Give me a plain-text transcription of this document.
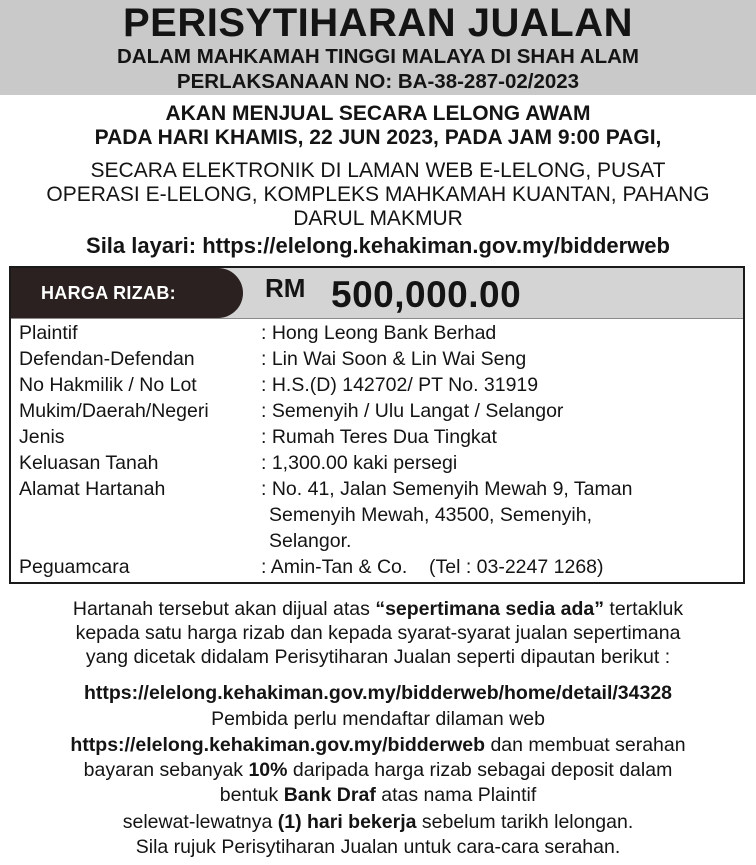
PERISYTIHARAN JUALAN
DALAM MAHKAMAH TINGGI MALAYA DI SHAH ALAM
PERLAKSANAAN NO: BA-38-287-02/2023
AKAN MENJUAL SECARA LELONG AWAM
PADA HARI KHAMIS, 22 JUN 2023, PADA JAM 9:00 PAGI,
SECARA ELEKTRONIK DI LAMAN WEB E-LELONG, PUSAT
OPERASI E-LELONG, KOMPLEKS MAHKAMAH KUANTAN, PAHANG
DARUL MAKMUR
Sila layari: https://elelong.kehakiman.gov.my/bidderweb
HARGA RIZAB:	RM 500,000.00
Plaintif	: Hong Leong Bank Berhad
Defendan-Defendan	: Lin Wai Soon & Lin Wai Seng
No Hakmilik / No Lot	: H.S.(D) 142702/ PT No. 31919
Mukim/Daerah/Negeri	: Semenyih / Ulu Langat / Selangor
Jenis	: Rumah Teres Dua Tingkat
Keluasan Tanah	: 1,300.00 kaki persegi
Alamat Hartanah	: No. 41, Jalan Semenyih Mewah 9, Taman
Semenyih Mewah, 43500, Semenyih,
Selangor.
Peguamcara	: Amin-Tan & Co.    (Tel : 03-2247 1268)
Hartanah tersebut akan dijual atas “sepertimana sedia ada” tertakluk
kepada satu harga rizab dan kepada syarat-syarat jualan sepertimana
yang dicetak didalam Perisytiharan Jualan seperti dipautan berikut :
https://elelong.kehakiman.gov.my/bidderweb/home/detail/34328
Pembida perlu mendaftar dilaman web
https://elelong.kehakiman.gov.my/bidderweb dan membuat serahan
bayaran sebanyak 10% daripada harga rizab sebagai deposit dalam
bentuk Bank Draf atas nama Plaintif
selewat-lewatnya (1) hari bekerja sebelum tarikh lelongan.
Sila rujuk Perisytiharan Jualan untuk cara-cara serahan.
